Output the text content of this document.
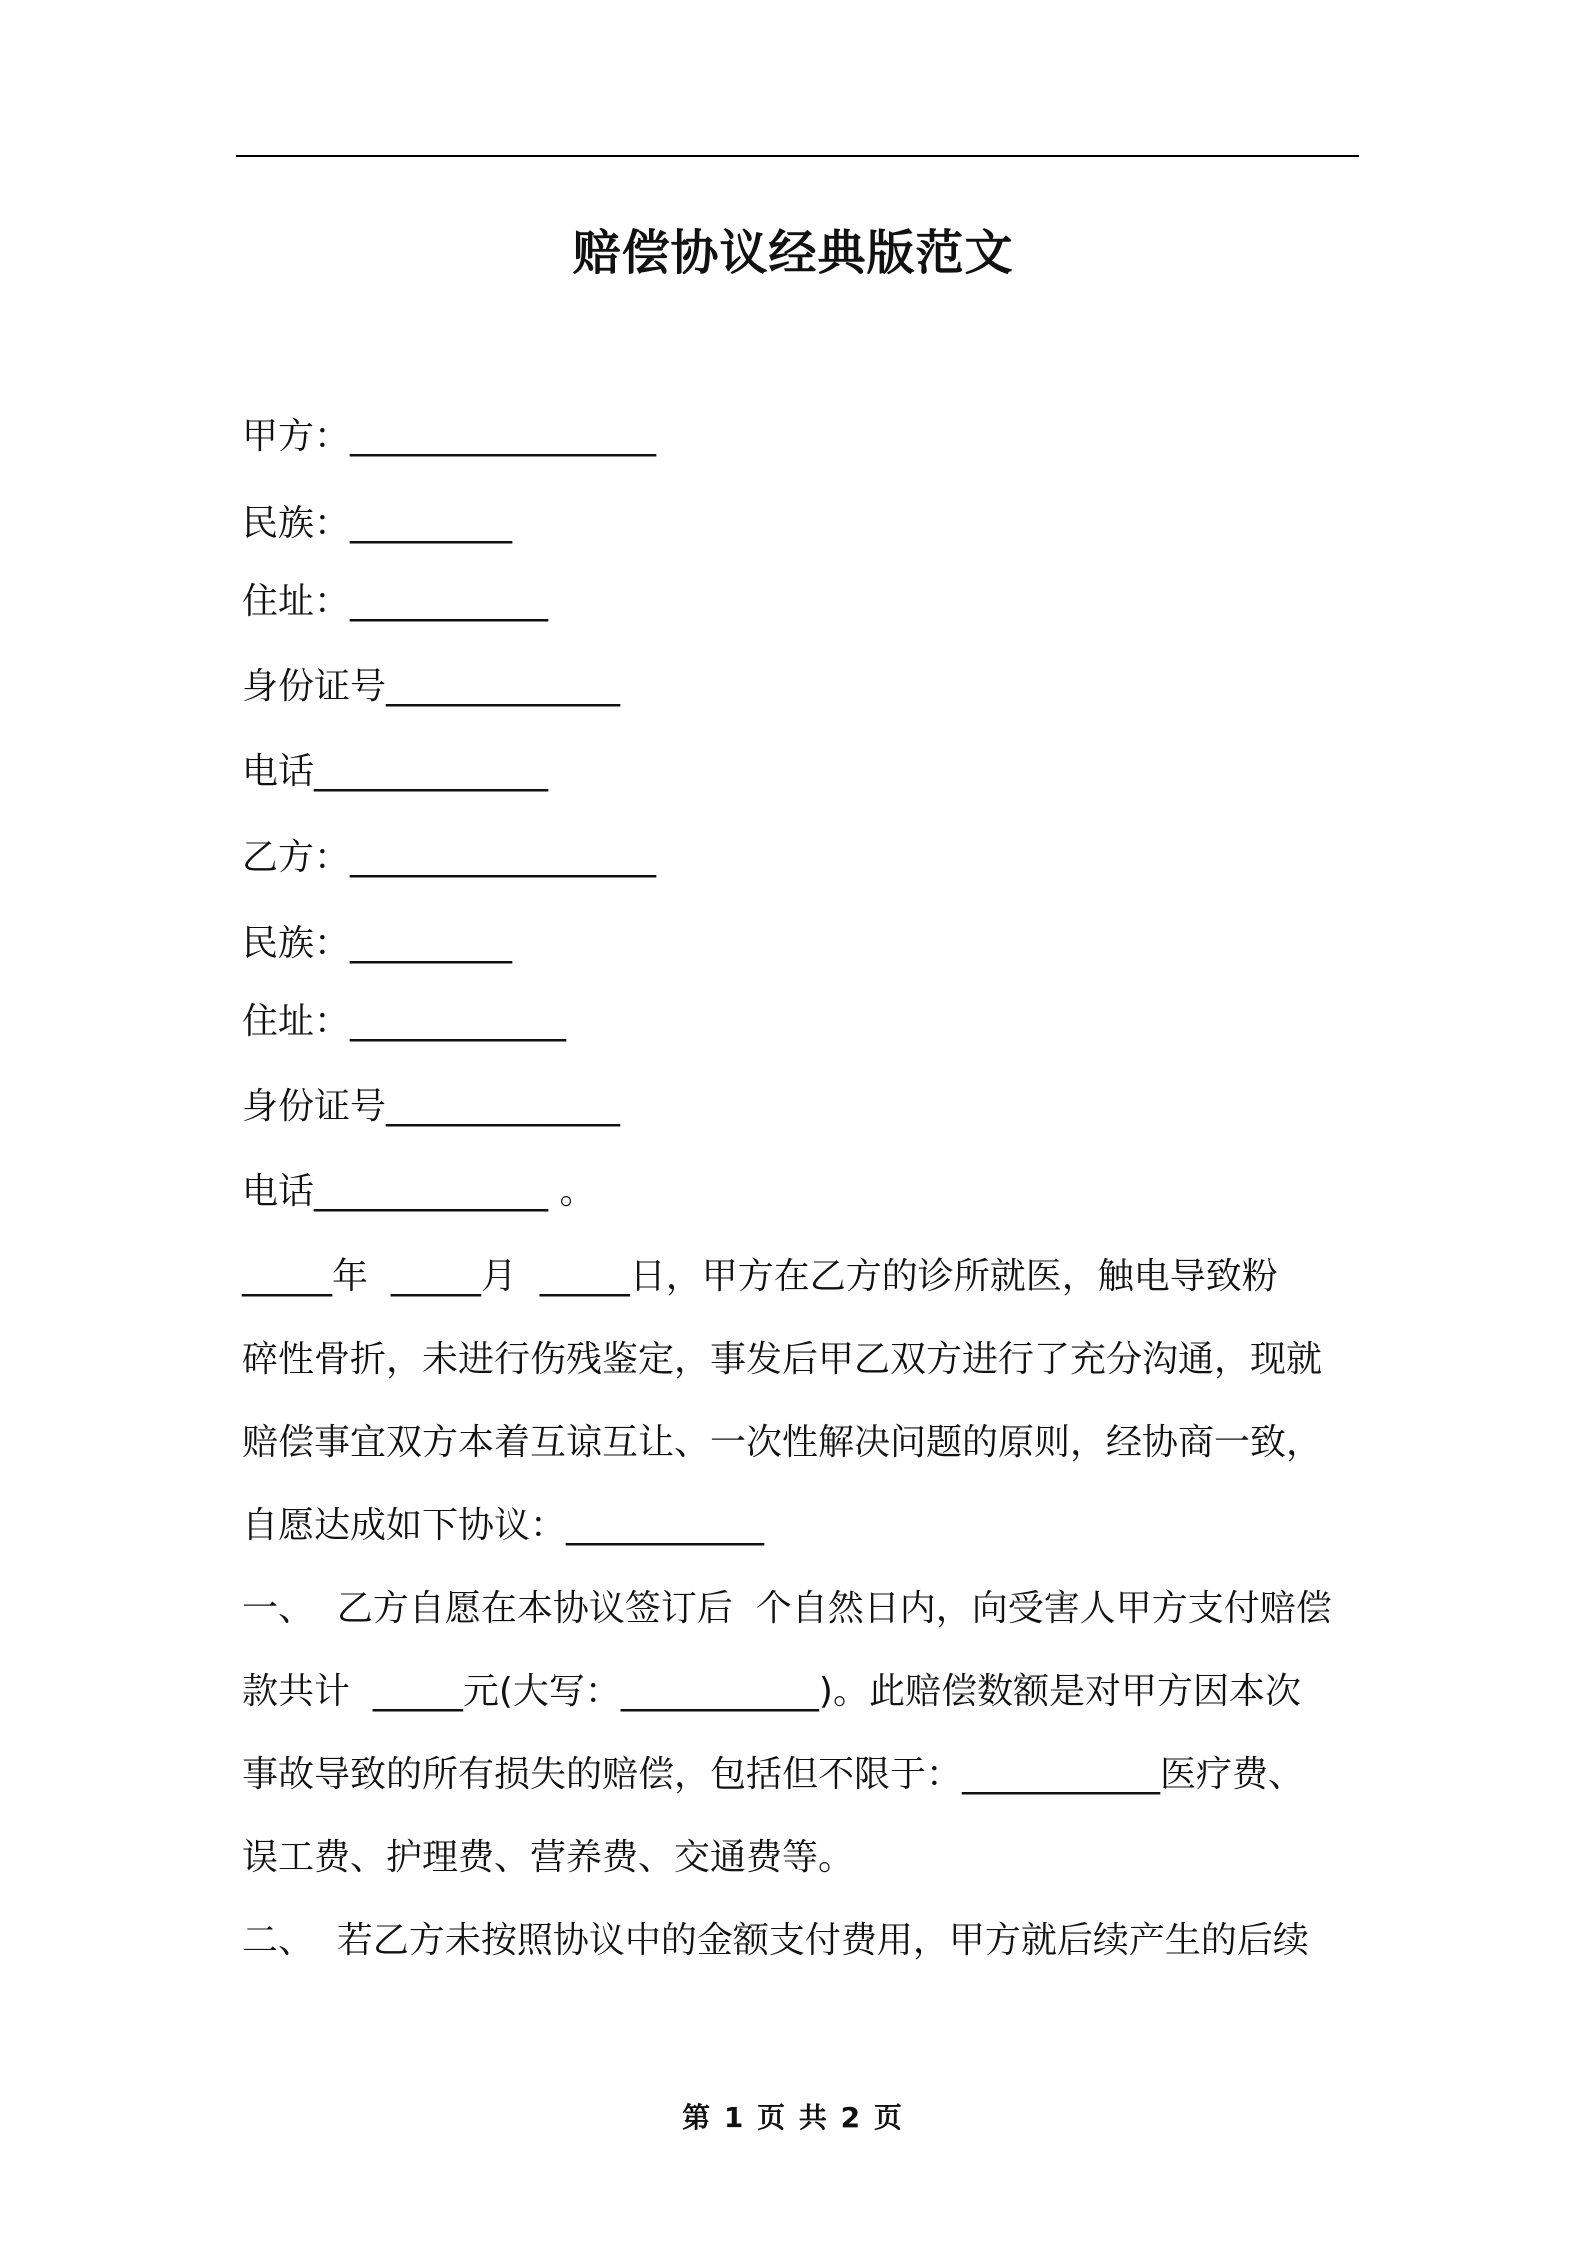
赔偿协议经典版范文
甲方：_________________
民族：_________
住址：___________
身份证号_____________
电话_____________
乙方：_________________
民族：_________
住址：____________
身份证号_____________
电话_____________ 。
_____年  _____月  _____日，甲方在乙方的诊所就医，触电导致粉
碎性骨折，未进行伤残鉴定，事发后甲乙双方进行了充分沟通，现就
赔偿事宜双方本着互谅互让、一次性解决问题的原则，经协商一致，
自愿达成如下协议：___________
一、  乙方自愿在本协议签订后  个自然日内，向受害人甲方支付赔偿
款共计  _____元(大写：___________)。此赔偿数额是对甲方因本次
事故导致的所有损失的赔偿，包括但不限于：___________医疗费、
误工费、护理费、营养费、交通费等。
二、  若乙方未按照协议中的金额支付费用，甲方就后续产生的后续
第 1 页 共 2 页
